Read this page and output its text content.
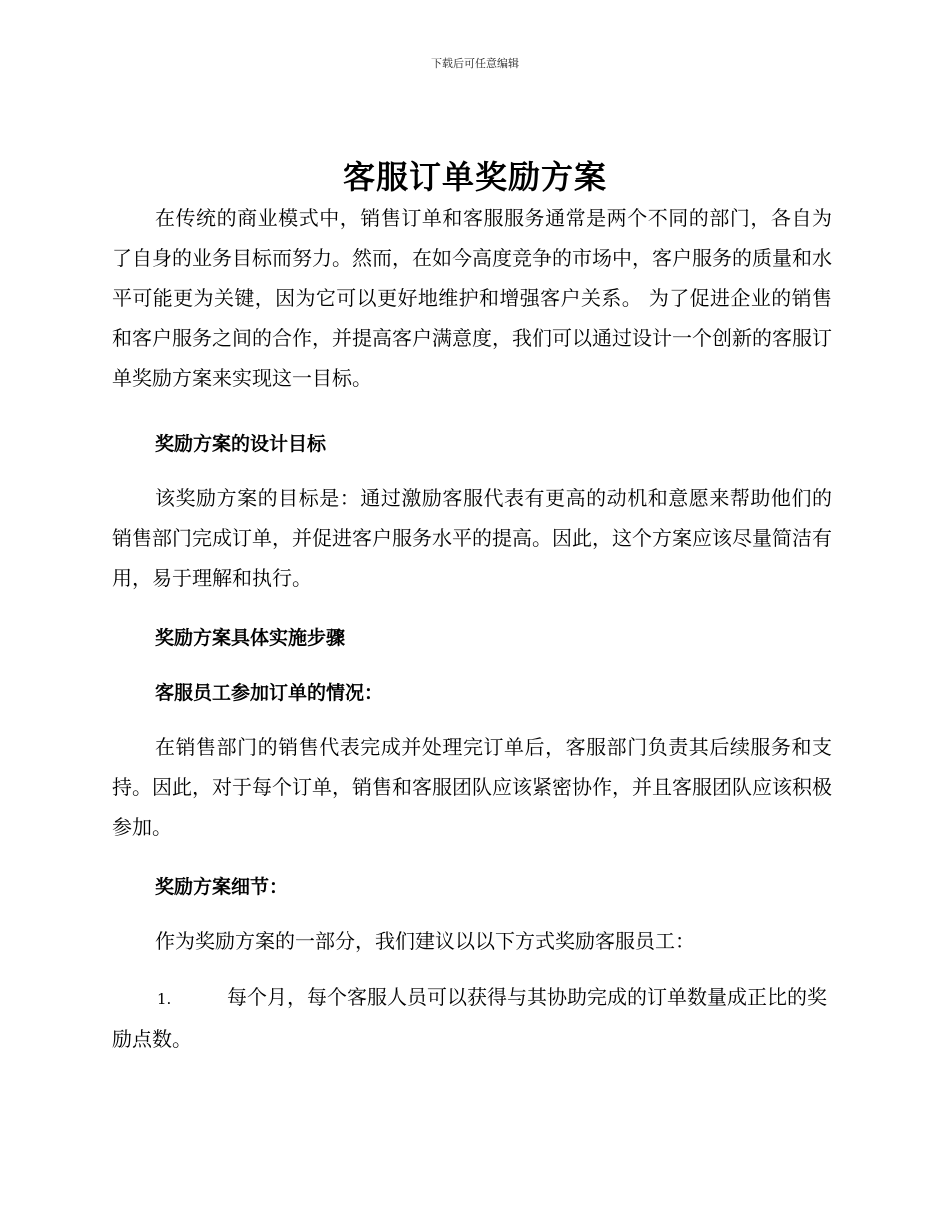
下载后可任意编辑
客服订单奖励方案

在传统的商业模式中，销售订单和客服服务通常是两个不同的部门，各自为了自身的业务目标而努力。然而，在如今高度竞争的市场中，客户服务的质量和水平可能更为关键，因为它可以更好地维护和增强客户关系。 为了促进企业的销售和客户服务之间的合作，并提高客户满意度，我们可以通过设计一个创新的客服订单奖励方案来实现这一目标。

奖励方案的设计目标

该奖励方案的目标是：通过激励客服代表有更高的动机和意愿来帮助他们的销售部门完成订单，并促进客户服务水平的提高。因此，这个方案应该尽量简洁有用，易于理解和执行。

奖励方案具体实施步骤
客服员工参加订单的情况：

在销售部门的销售代表完成并处理完订单后，客服部门负责其后续服务和支持。因此，对于每个订单，销售和客服团队应该紧密协作，并且客服团队应该积极参加。

奖励方案细节：

作为奖励方案的一部分，我们建议以以下方式奖励客服员工：

1.	每个月，每个客服人员可以获得与其协助完成的订单数量成正比的奖励点数。
